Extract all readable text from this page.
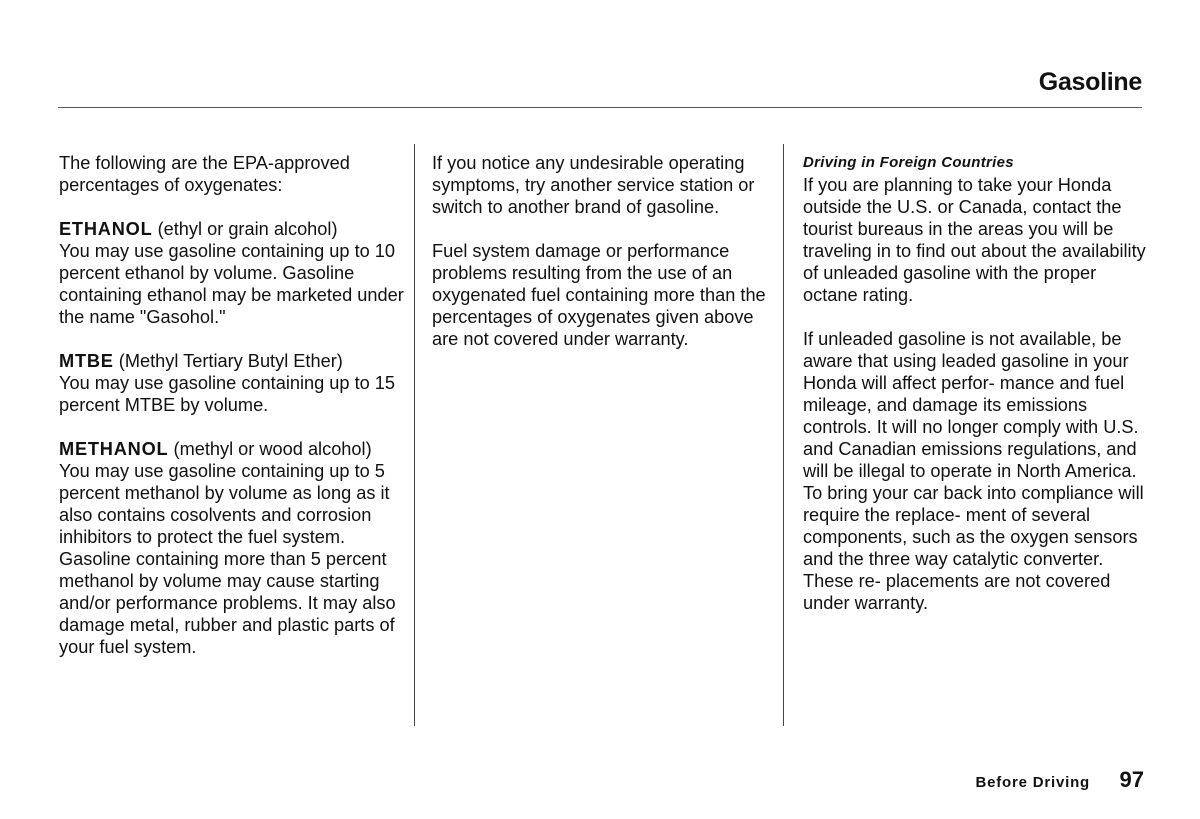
Gasoline

The following are the EPA-approved percentages of oxygenates:

ETHANOL (ethyl or grain alcohol)
You may use gasoline containing up to 10 percent ethanol by volume. Gasoline containing ethanol may be marketed under the name "Gasohol."

MTBE (Methyl Tertiary Butyl Ether)
You may use gasoline containing up to 15 percent MTBE by volume.

METHANOL (methyl or wood alcohol)
You may use gasoline containing up to 5 percent methanol by volume as long as it also contains cosolvents and corrosion inhibitors to protect the fuel system. Gasoline containing more than 5 percent methanol by volume may cause starting and/or performance problems. It may also damage metal, rubber and plastic parts of your fuel system.

If you notice any undesirable operating symptoms, try another service station or switch to another brand of gasoline.

Fuel system damage or performance problems resulting from the use of an oxygenated fuel containing more than the percentages of oxygenates given above are not covered under warranty.

Driving in Foreign Countries

If you are planning to take your Honda outside the U.S. or Canada, contact the tourist bureaus in the areas you will be traveling in to find out about the availability of unleaded gasoline with the proper octane rating.

If unleaded gasoline is not available, be aware that using leaded gasoline in your Honda will affect perfor- mance and fuel mileage, and damage its emissions controls. It will no longer comply with U.S. and Canadian emissions regulations, and will be illegal to operate in North America. To bring your car back into compliance will require the replace- ment of several components, such as the oxygen sensors and the three way catalytic converter. These re- placements are not covered under warranty.

Before Driving 97
